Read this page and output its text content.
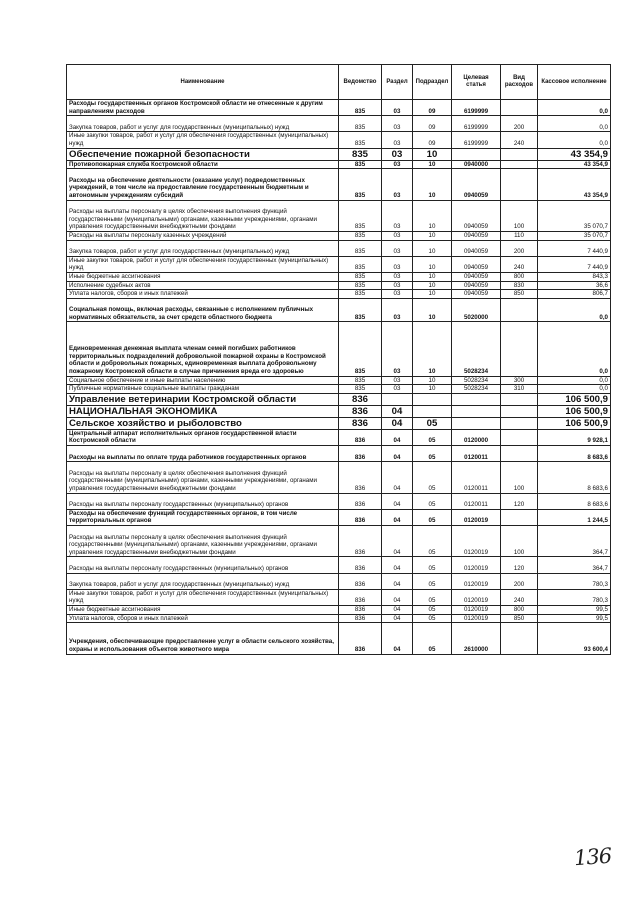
Наименование	Ведомство	Раздел	Подраздел	Целевая статья	Вид расходов	Кассовое исполнение
Расходы государственных органов Костромской области не отнесенные к другим направлениям расходов	835	03	09	6199999		0,0
Закупка товаров, работ и услуг для государственных (муниципальных) нужд	835	03	09	6199999	200	0,0
Иные закупки товаров, работ и услуг для обеспечения государственных (муниципальных) нужд	835	03	09	6199999	240	0,0
Обеспечение пожарной безопасности	835	03	10			43 354,9
Противопожарная служба Костромской области	835	03	10	0940000		43 354,9
Расходы на обеспечение деятельности (оказание услуг) подведомственных учреждений, в том числе на предоставление государственным бюджетным и автономным учреждениям субсидий	835	03	10	0940059		43 354,9
Расходы на выплаты персоналу в целях обеспечения выполнения функций государственными (муниципальными) органами, казенными учреждениями, органами управления государственными внебюджетными фондами	835	03	10	0940059	100	35 070,7
Расходы на выплаты персоналу казенных учреждений	835	03	10	0940059	110	35 070,7
Закупка товаров, работ и услуг для государственных (муниципальных) нужд	835	03	10	0940059	200	7 440,9
Иные закупки товаров, работ и услуг для обеспечения государственных (муниципальных) нужд	835	03	10	0940059	240	7 440,9
Иные бюджетные ассигнования	835	03	10	0940059	800	843,3
Исполнение судебных актов	835	03	10	0940059	830	36,6
Уплата налогов, сборов и иных платежей	835	03	10	0940059	850	806,7
Социальная помощь, включая расходы, связанные с исполнением публичных нормативных обязательств, за счет средств областного бюджета	835	03	10	5020000		0,0
Единовременная денежная выплата членам семей погибших работников территориальных подразделений добровольной пожарной охраны в Костромской области и добровольных пожарных, единовременная выплата добровольному пожарному Костромской области в случае причинения вреда его здоровью	835	03	10	5028234		0,0
Социальное обеспечение и иные выплаты населению	835	03	10	5028234	300	0,0
Публичные нормативные социальные выплаты гражданам	835	03	10	5028234	310	0,0
Управление ветеринарии Костромской области	836					106 500,9
НАЦИОНАЛЬНАЯ ЭКОНОМИКА	836	04				106 500,9
Сельское хозяйство и рыболовство	836	04	05			106 500,9
Центральный аппарат исполнительных органов государственной власти Костромской области	836	04	05	0120000		9 928,1
Расходы на выплаты по оплате труда работников государственных органов	836	04	05	0120011		8 683,6
Расходы на выплаты персоналу в целях обеспечения выполнения функций государственными (муниципальными) органами, казенными учреждениями, органами управления государственными внебюджетными фондами	836	04	05	0120011	100	8 683,6
Расходы на выплаты персоналу государственных (муниципальных) органов	836	04	05	0120011	120	8 683,6
Расходы на обеспечение функций государственных органов, в том числе территориальных органов	836	04	05	0120019		1 244,5
Расходы на выплаты персоналу в целях обеспечения выполнения функций государственными (муниципальными) органами, казенными учреждениями, органами управления государственными внебюджетными фондами	836	04	05	0120019	100	364,7
Расходы на выплаты персоналу государственных (муниципальных) органов	836	04	05	0120019	120	364,7
Закупка товаров, работ и услуг для государственных (муниципальных) нужд	836	04	05	0120019	200	780,3
Иные закупки товаров, работ и услуг для обеспечения государственных (муниципальных) нужд	836	04	05	0120019	240	780,3
Иные бюджетные ассигнования	836	04	05	0120019	800	99,5
Уплата налогов, сборов и иных платежей	836	04	05	0120019	850	99,5
Учреждения, обеспечивающие предоставление услуг в области сельского хозяйства, охраны и использования объектов животного мира	836	04	05	2610000		93 600,4
136
